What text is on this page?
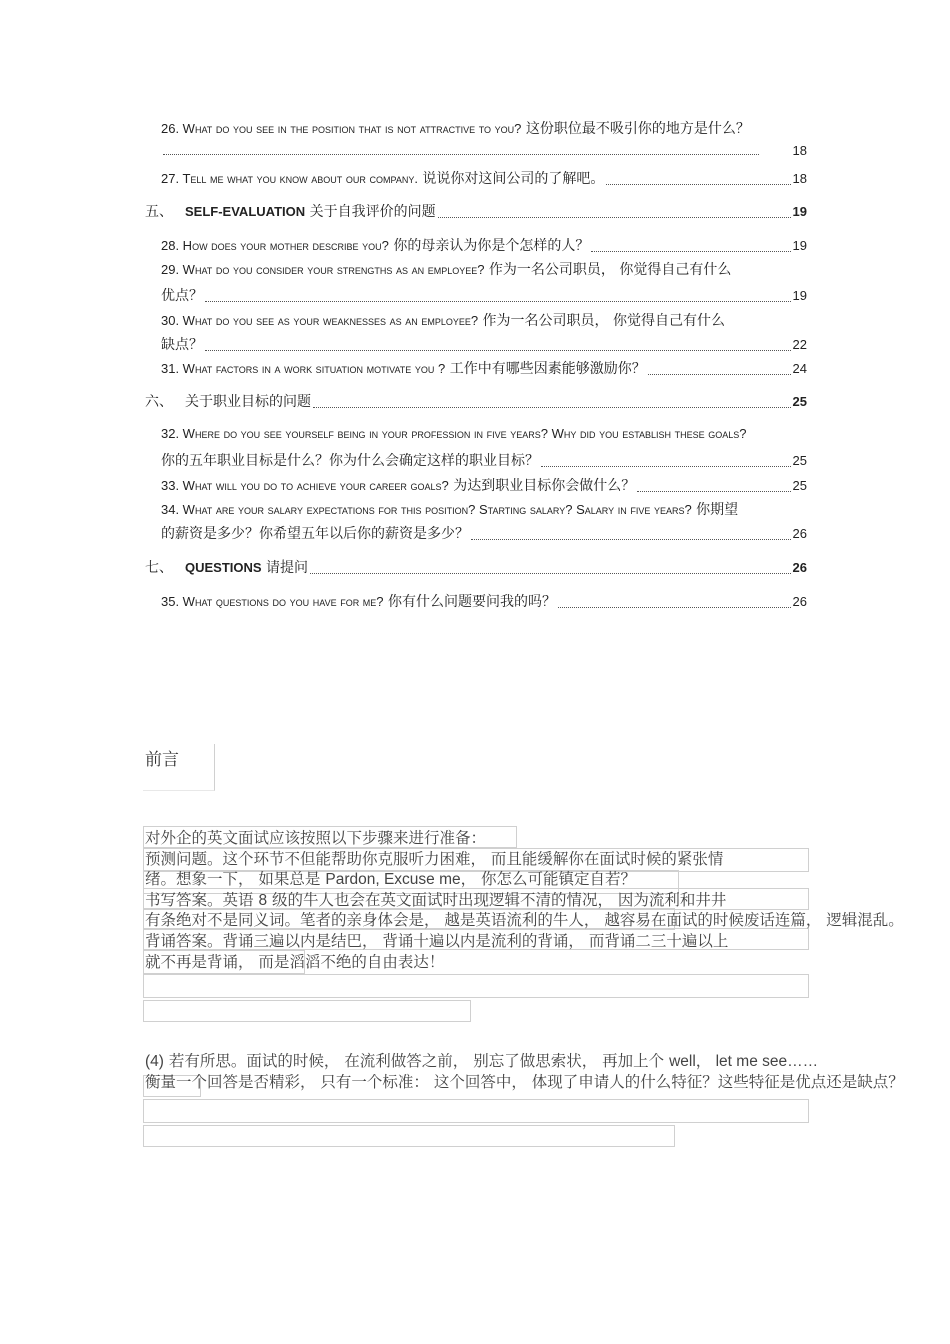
26. What do you see in the position that is not attractive to you? 这份职位最不吸引你的地方是什么？
18
27. Tell me what you know about our company.
说说你对这间公司的了解吧。	18
五、 SELF-EVALUATION
关于自我评价的问题	19
28. How does your mother describe you?
你的母亲认为你是个怎样的人？	19
29. What do you consider your strengths as an employee? 作为一名公司职员， 你觉得自己有什么
优点？	19
30. What do you see as your weaknesses as an employee? 作为一名公司职员， 你觉得自己有什么
缺点？	22
31. What factors in a work situation motivate you ?
工作中有哪些因素能够激励你？	24
六、 关于职业目标的问题	25
32. Where do you see yourself being in your profession in five years? Why did you establish these goals?
你的五年职业目标是什么？你为什么会确定这样的职业目标？	25
33. What will you do to achieve your career goals?
为达到职业目标你会做什么？	25
34. What are your salary expectations for this position? Starting salary? Salary in five years? 你期望
的薪资是多少？你希望五年以后你的薪资是多少？	26
七、 QUESTIONS
请提问	26
35. What questions do you have for me?
你有什么问题要问我的吗？	26
前言
对外企的英文面试应该按照以下步骤来进行准备：
预测问题。这个环节不但能帮助你克服听力困难， 而且能缓解你在面试时候的紧张情
绪。想象一下， 如果总是 Pardon, Excuse me， 你怎么可能镇定自若？
书写答案。英语 8 级的牛人也会在英文面试时出现逻辑不清的情况， 因为流利和井井
有条绝对不是同义词。笔者的亲身体会是， 越是英语流利的牛人， 越容易在面试的时候废话连篇， 逻辑混乱。
背诵答案。背诵三遍以内是结巴， 背诵十遍以内是流利的背诵， 而背诵二三十遍以上
就不再是背诵， 而是滔滔不绝的自由表达！
(4) 若有所思。面试的时候， 在流利做答之前， 别忘了做思索状， 再加上个 well， let me see……
衡量一个回答是否精彩， 只有一个标准： 这个回答中， 体现了申请人的什么特征？这些特征是优点还是缺点？
